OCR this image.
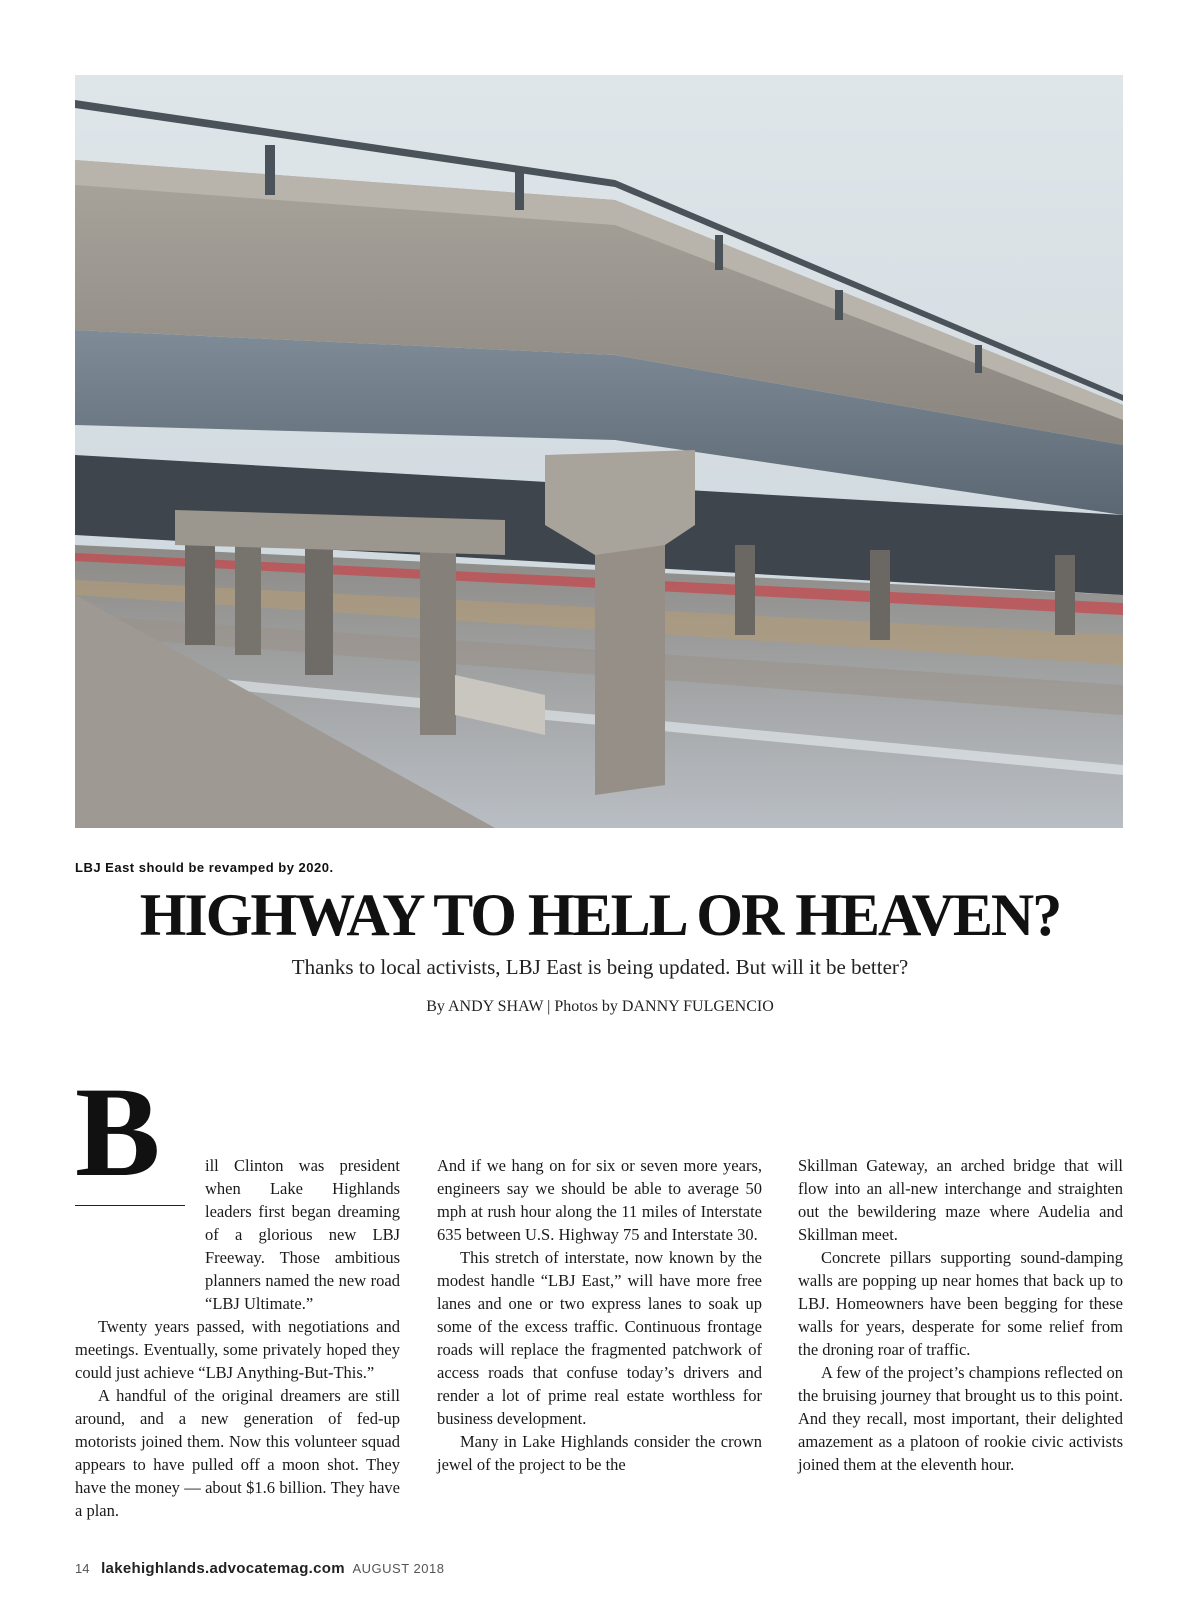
LBJ East should be revamped by 2020.
HIGHWAY TO HELL OR HEAVEN?
Thanks to local activists, LBJ East is being updated. But will it be better?
By ANDY SHAW | Photos by DANNY FULGENCIO
B	ill Clinton was president when Lake Highlands leaders first began dreaming of a glorious new LBJ Freeway. Those ambitious planners named the new road “LBJ Ultimate.”

Twenty years passed, with negotiations and meetings. Eventually, some privately hoped they could just achieve “LBJ Anything-But-This.”

A handful of the original dreamers are still around, and a new generation of fed-up motorists joined them. Now this volunteer squad appears to have pulled off a moon shot. They have the money — about $1.6 billion. They have a plan.

And if we hang on for six or seven more years, engineers say we should be able to average 50 mph at rush hour along the 11 miles of Interstate 635 between U.S. Highway 75 and Interstate 30.

This stretch of interstate, now known by the modest handle “LBJ East,” will have more free lanes and one or two express lanes to soak up some of the excess traffic. Continuous frontage roads will replace the fragmented patchwork of access roads that confuse today’s drivers and render a lot of prime real estate worthless for business development.

Many in Lake Highlands consider the crown jewel of the project to be the

Skillman Gateway, an arched bridge that will flow into an all-new interchange and straighten out the bewildering maze where Audelia and Skillman meet.

Concrete pillars supporting sound-damping walls are popping up near homes that back up to LBJ. Homeowners have been begging for these walls for years, desperate for some relief from the droning roar of traffic.

A few of the project’s champions reflected on the bruising journey that brought us to this point. And they recall, most important, their delighted amazement as a platoon of rookie civic activists joined them at the eleventh hour.

14 lakehighlands.advocatemag.com AUGUST 2018
